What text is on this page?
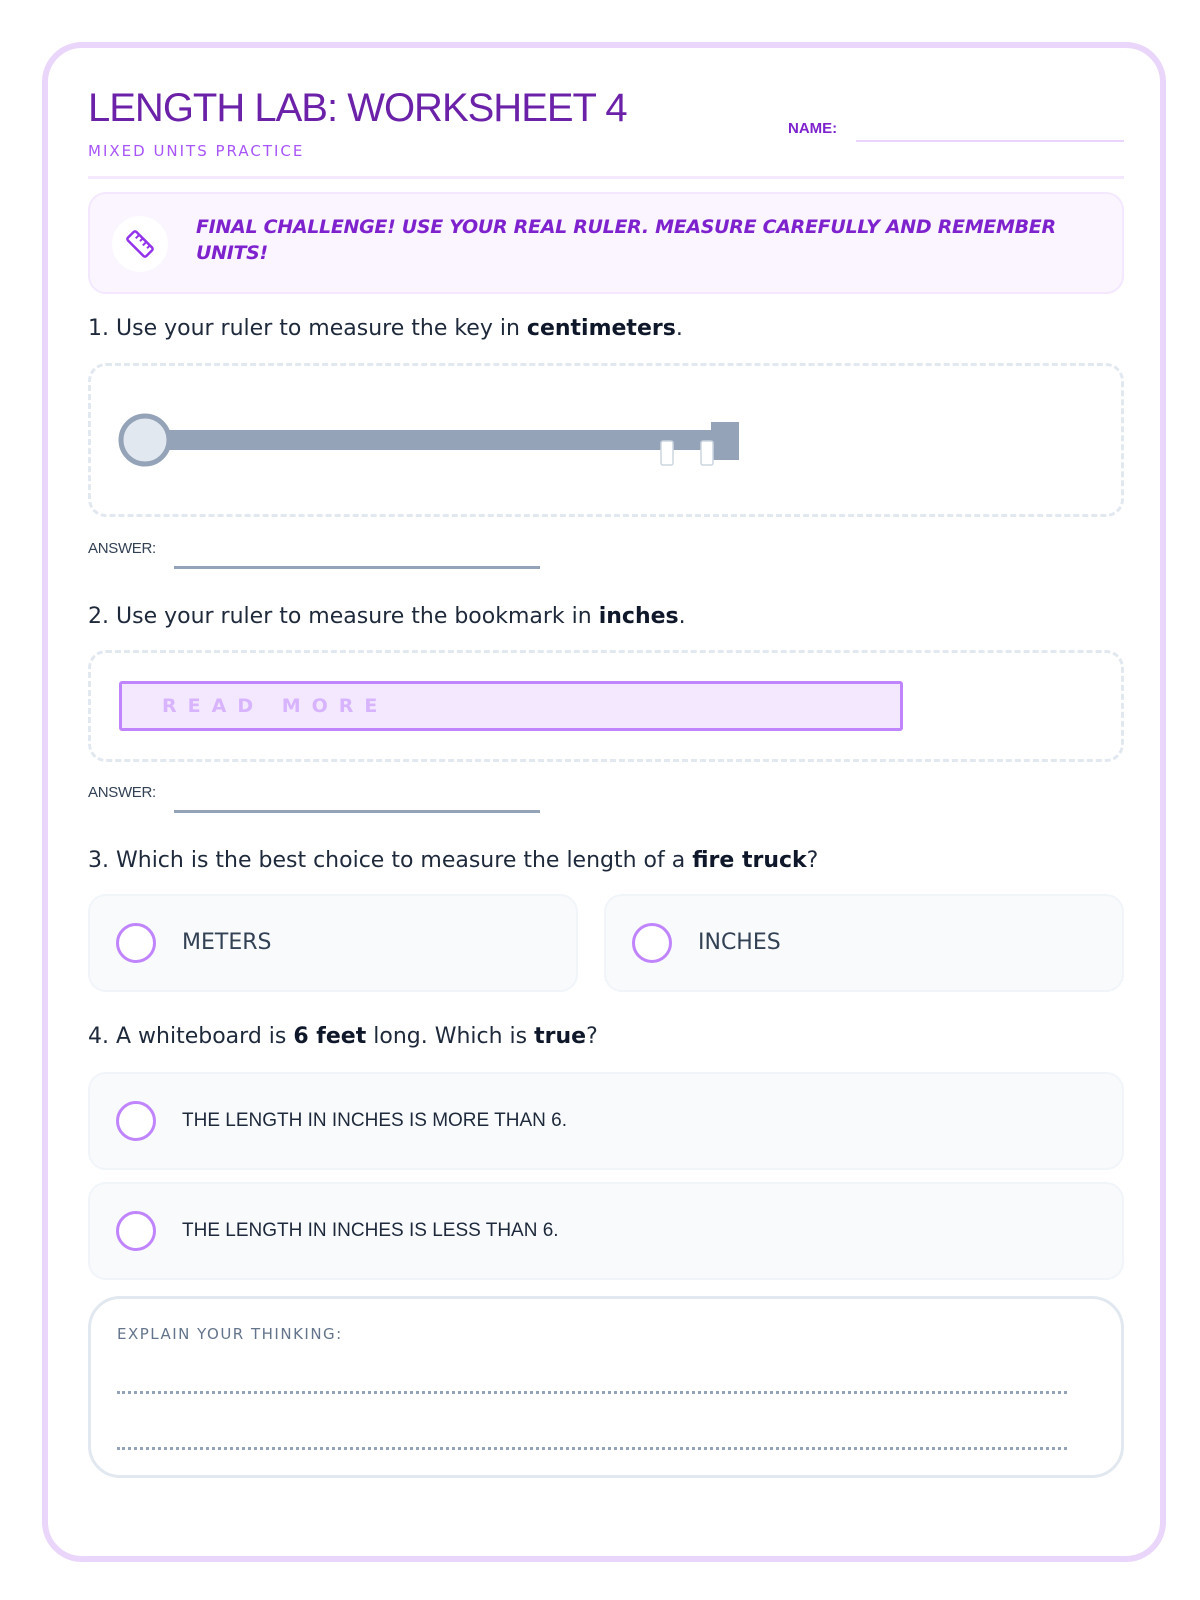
LENGTH LAB: WORKSHEET 4
MIXED UNITS PRACTICE
NAME:
FINAL CHALLENGE! USE YOUR REAL RULER. MEASURE CAREFULLY AND REMEMBER UNITS!
1. Use your ruler to measure the key in centimeters.
ANSWER:
2. Use your ruler to measure the bookmark in inches.
READ MORE
ANSWER:
3. Which is the best choice to measure the length of a fire truck?
METERS	INCHES
4. A whiteboard is 6 feet long. Which is true?
THE LENGTH IN INCHES IS MORE THAN 6.
THE LENGTH IN INCHES IS LESS THAN 6.
EXPLAIN YOUR THINKING:
